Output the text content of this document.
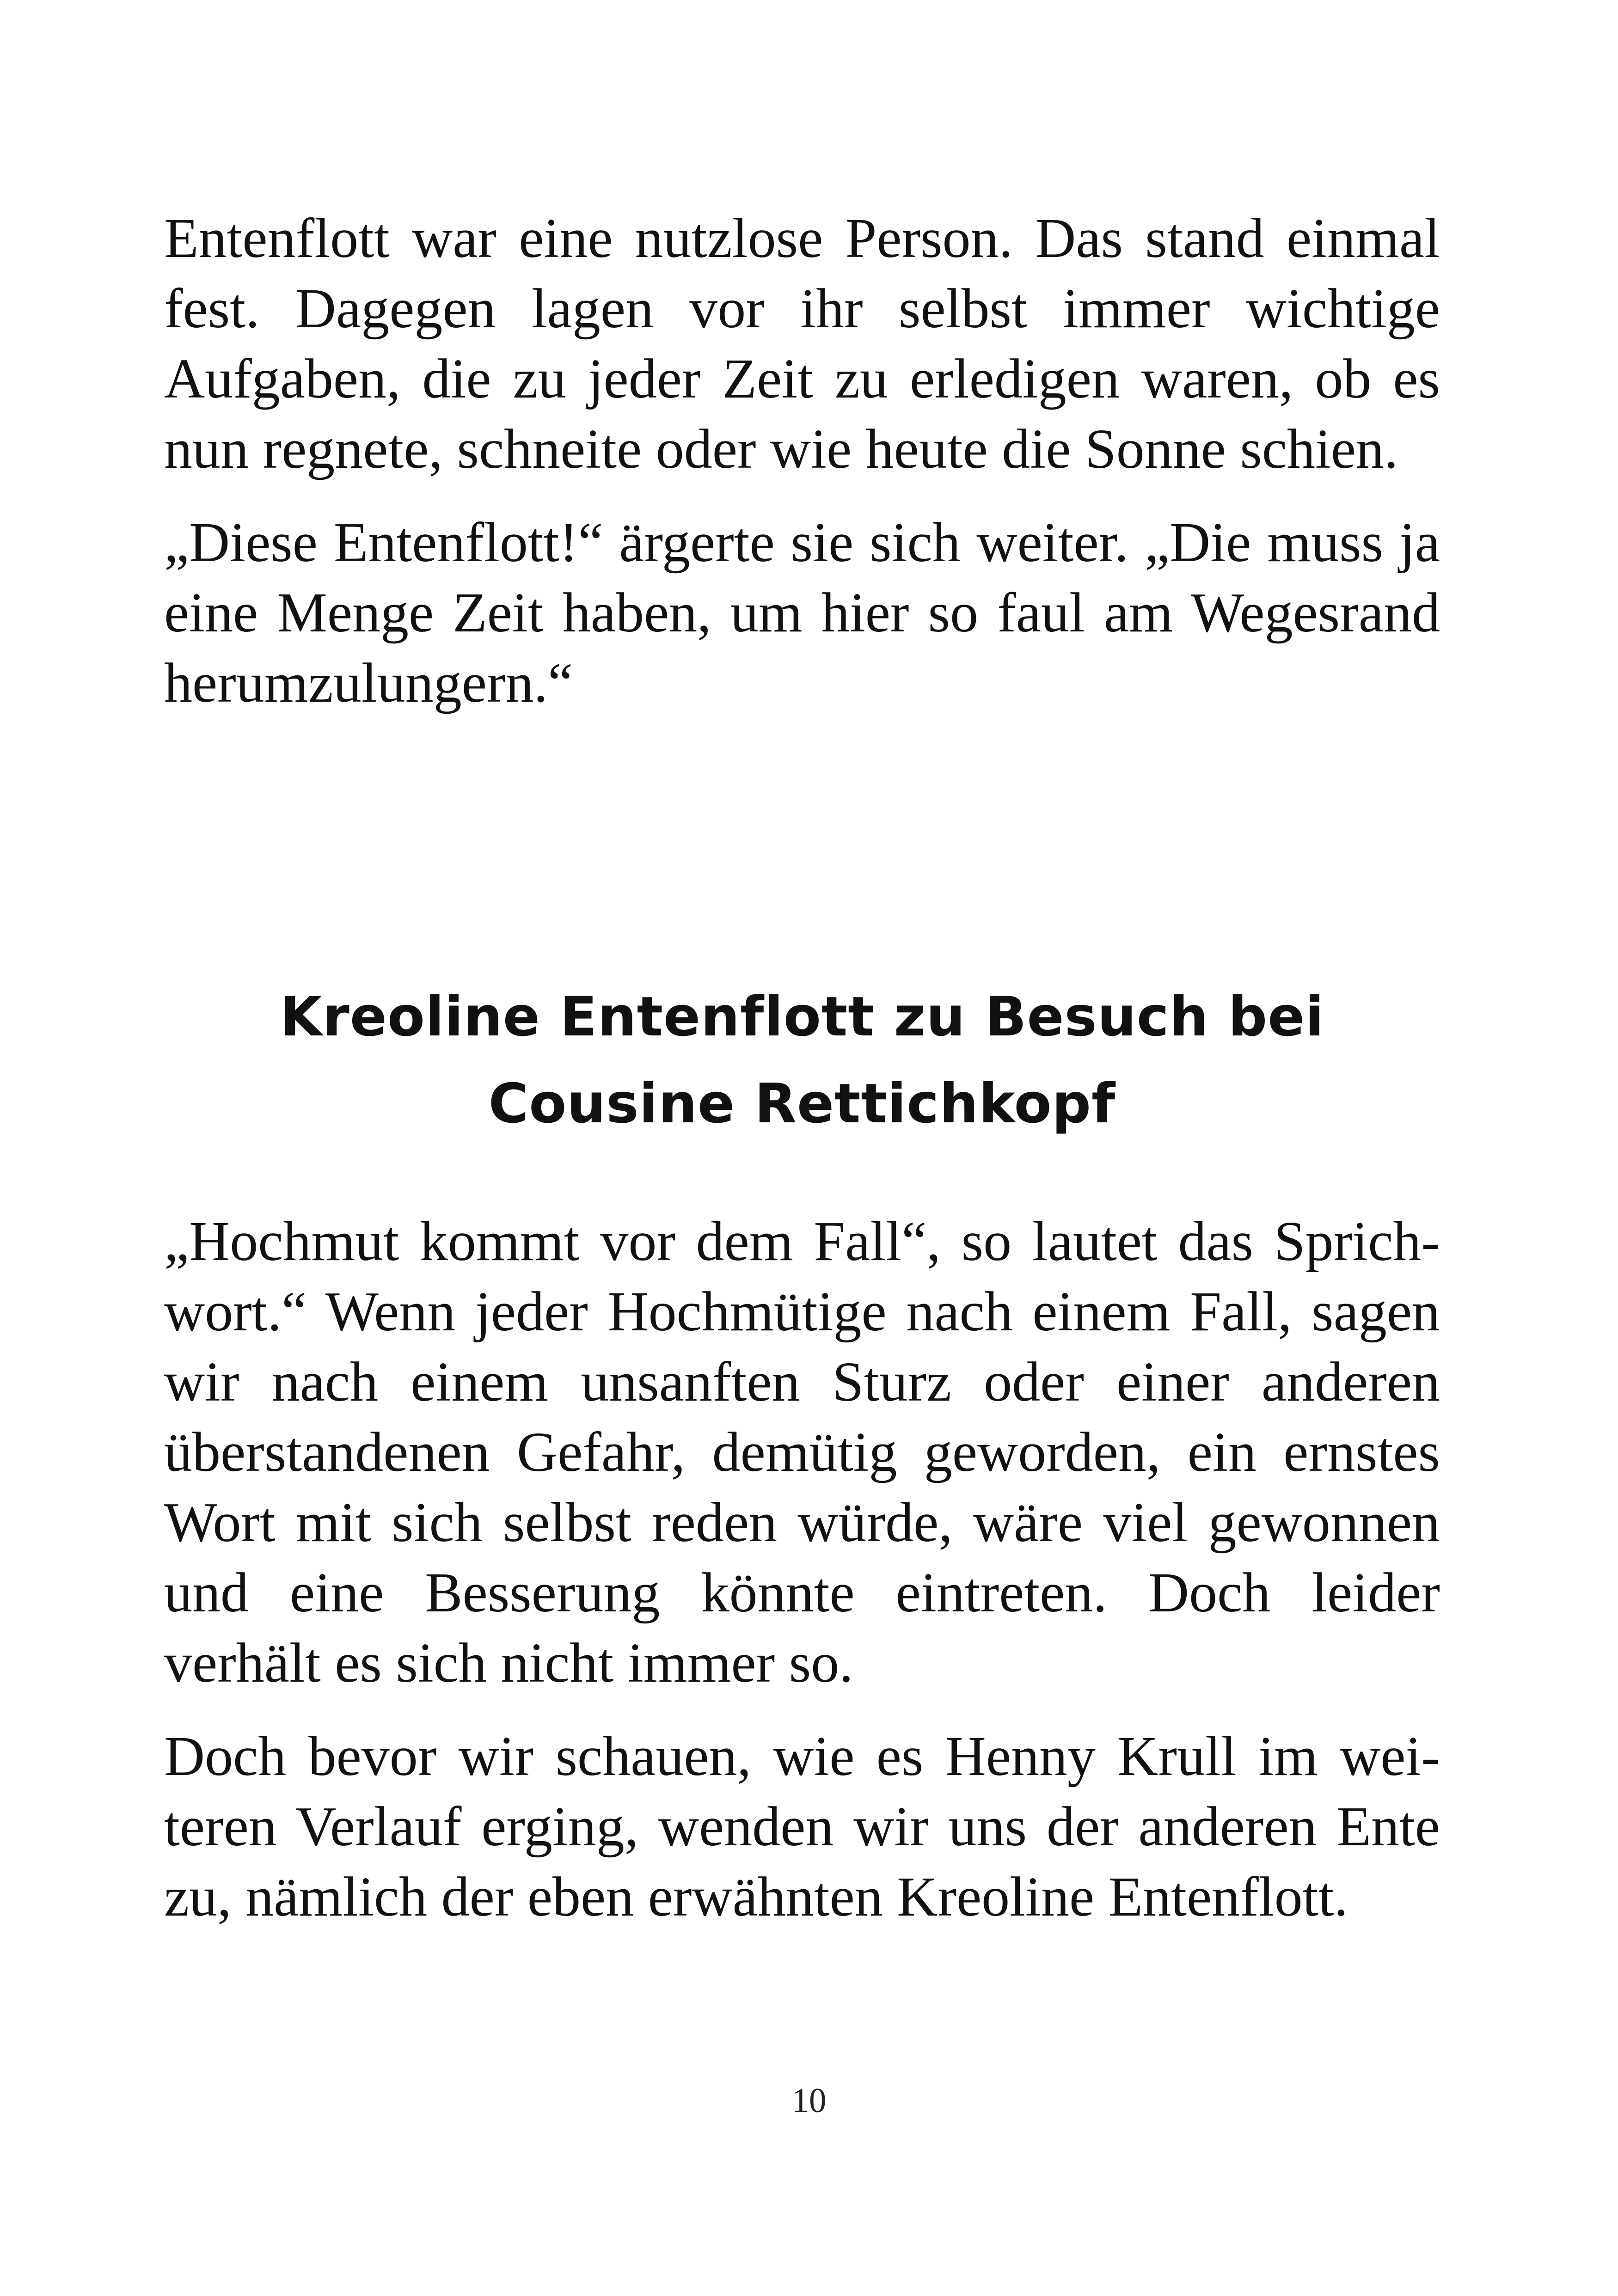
Entenflott war eine nutzlose Person. Das stand einmal fest. Dagegen lagen vor ihr selbst immer wichtige Aufgaben, die zu jeder Zeit zu erledigen waren, ob es nun regnete, schneite oder wie heute die Sonne schien.

„Diese Entenflott!“ ärgerte sie sich weiter. „Die muss ja eine Menge Zeit haben, um hier so faul am Wegesrand herumzulungern.“

Kreoline Entenflott zu Besuch bei Cousine Rettichkopf

„Hochmut kommt vor dem Fall“, so lautet das Sprichwort.“ Wenn jeder Hochmütige nach einem Fall, sagen wir nach einem unsanften Sturz oder einer anderen überstandenen Gefahr, demütig geworden, ein ernstes Wort mit sich selbst reden würde, wäre viel gewonnen und eine Besserung könnte eintreten. Doch leider verhält es sich nicht immer so.

Doch bevor wir schauen, wie es Henny Krull im weiteren Verlauf erging, wenden wir uns der anderen Ente zu, nämlich der eben erwähnten Kreoline Entenflott.

10
